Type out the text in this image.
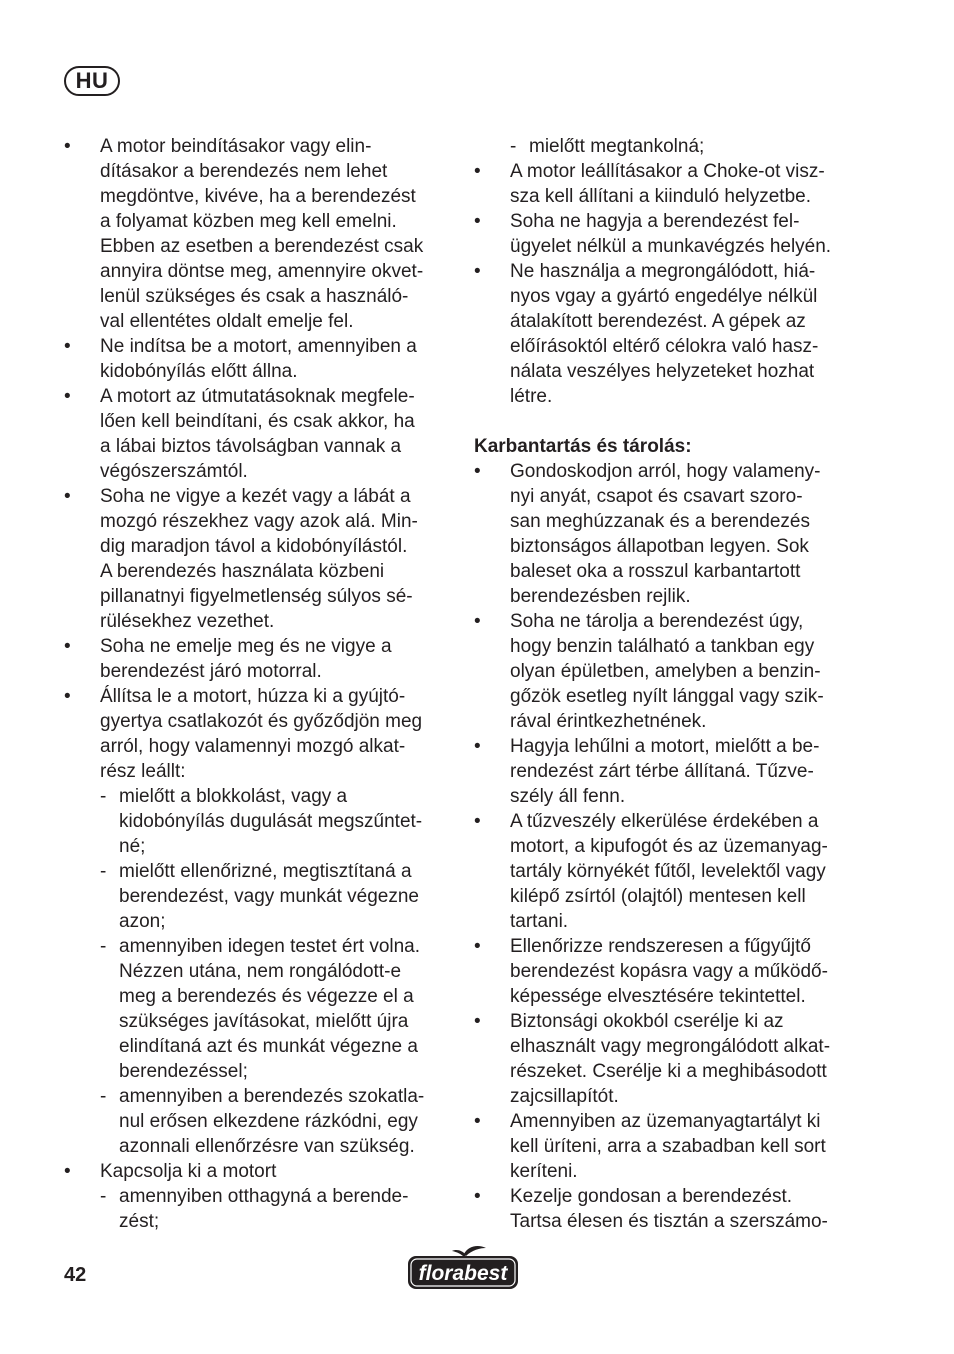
HU
•	A motor beindításakor vagy elin-
dításakor a berendezés nem lehet
megdöntve, kivéve, ha a berendezést
a folyamat közben meg kell emelni.
Ebben az esetben a berendezést csak
annyira döntse meg, amennyire okvet-
lenül szükséges és csak a használó-
val ellentétes oldalt emelje fel.
•	Ne indítsa be a motort, amennyiben a
kidobónyílás előtt állna.
•	A motort az útmutatásoknak megfele-
lően kell beindítani, és csak akkor, ha
a lábai biztos távolságban vannak a
végószerszámtól.
•	Soha ne vigye a kezét vagy a lábát a
mozgó részekhez vagy azok alá. Min-
dig maradjon távol a kidobónyílástól.
A berendezés használata közbeni
pillanatnyi figyelmetlenség súlyos sé-
rülésekhez vezethet.
•	Soha ne emelje meg és ne vigye a
berendezést járó motorral.
•	Állítsa le a motort, húzza ki a gyújtó-
gyertya csatlakozót és győződjön meg
arról, hogy valamennyi mozgó alkat-
rész leállt:
- mielőtt a blokkolást, vagy a
kidobónyílás dugulását megszűntet-
né;
- mielőtt ellenőrizné, megtisztítaná a
berendezést, vagy munkát végezne
azon;
- amennyiben idegen testet ért volna.
Nézzen utána, nem rongálódott-e
meg a berendezés és végezze el a
szükséges javításokat, mielőtt újra
elindítaná azt és munkát végezne a
berendezéssel;
- amennyiben a berendezés szokatla-
nul erősen elkezdene rázkódni, egy
azonnali ellenőrzésre van szükség.
•	Kapcsolja ki a motort
- amennyiben otthagyná a berende-
zést;
- mielőtt megtankolná;
•	A motor leállításakor a Choke-ot visz-
sza kell állítani a kiinduló helyzetbe.
•	Soha ne hagyja a berendezést fel-
ügyelet nélkül a munkavégzés helyén.
•	Ne használja a megrongálódott, hiá-
nyos vgay a gyártó engedélye nélkül
átalakított berendezést. A gépek az
előírásoktól eltérő célokra való hasz-
nálata veszélyes helyzeteket hozhat
létre.
Karbantartás és tárolás:
•	Gondoskodjon arról, hogy valameny-
nyi anyát, csapot és csavart szoro-
san meghúzzanak és a berendezés
biztonságos állapotban legyen. Sok
baleset oka a rosszul karbantartott
berendezésben rejlik.
•	Soha ne tárolja a berendezést úgy,
hogy benzin található a tankban egy
olyan épületben, amelyben a benzin-
gőzök esetleg nyílt lánggal vagy szik-
rával érintkezhetnének.
•	Hagyja lehűlni a motort, mielőtt a be-
rendezést zárt térbe állítaná. Tűzve-
szély áll fenn.
•	A tűzveszély elkerülése érdekében a
motort, a kipufogót és az üzemanyag-
tartály környékét fűtől, levelektől vagy
kilépő zsírtól (olajtól) mentesen kell
tartani.
•	Ellenőrizze rendszeresen a fűgyűjtő
berendezést kopásra vagy a működő-
képessége elvesztésére tekintettel.
•	Biztonsági okokból cserélje ki az
elhasznált vagy megrongálódott alkat-
részeket. Cserélje ki a meghibásodott
zajcsillapítót.
•	Amennyiben az üzemanyagtartályt ki
kell üríteni, arra a szabadban kell sort
keríteni.
•	Kezelje gondosan a berendezést.
Tartsa élesen és tisztán a szerszámo-
42	florabest
